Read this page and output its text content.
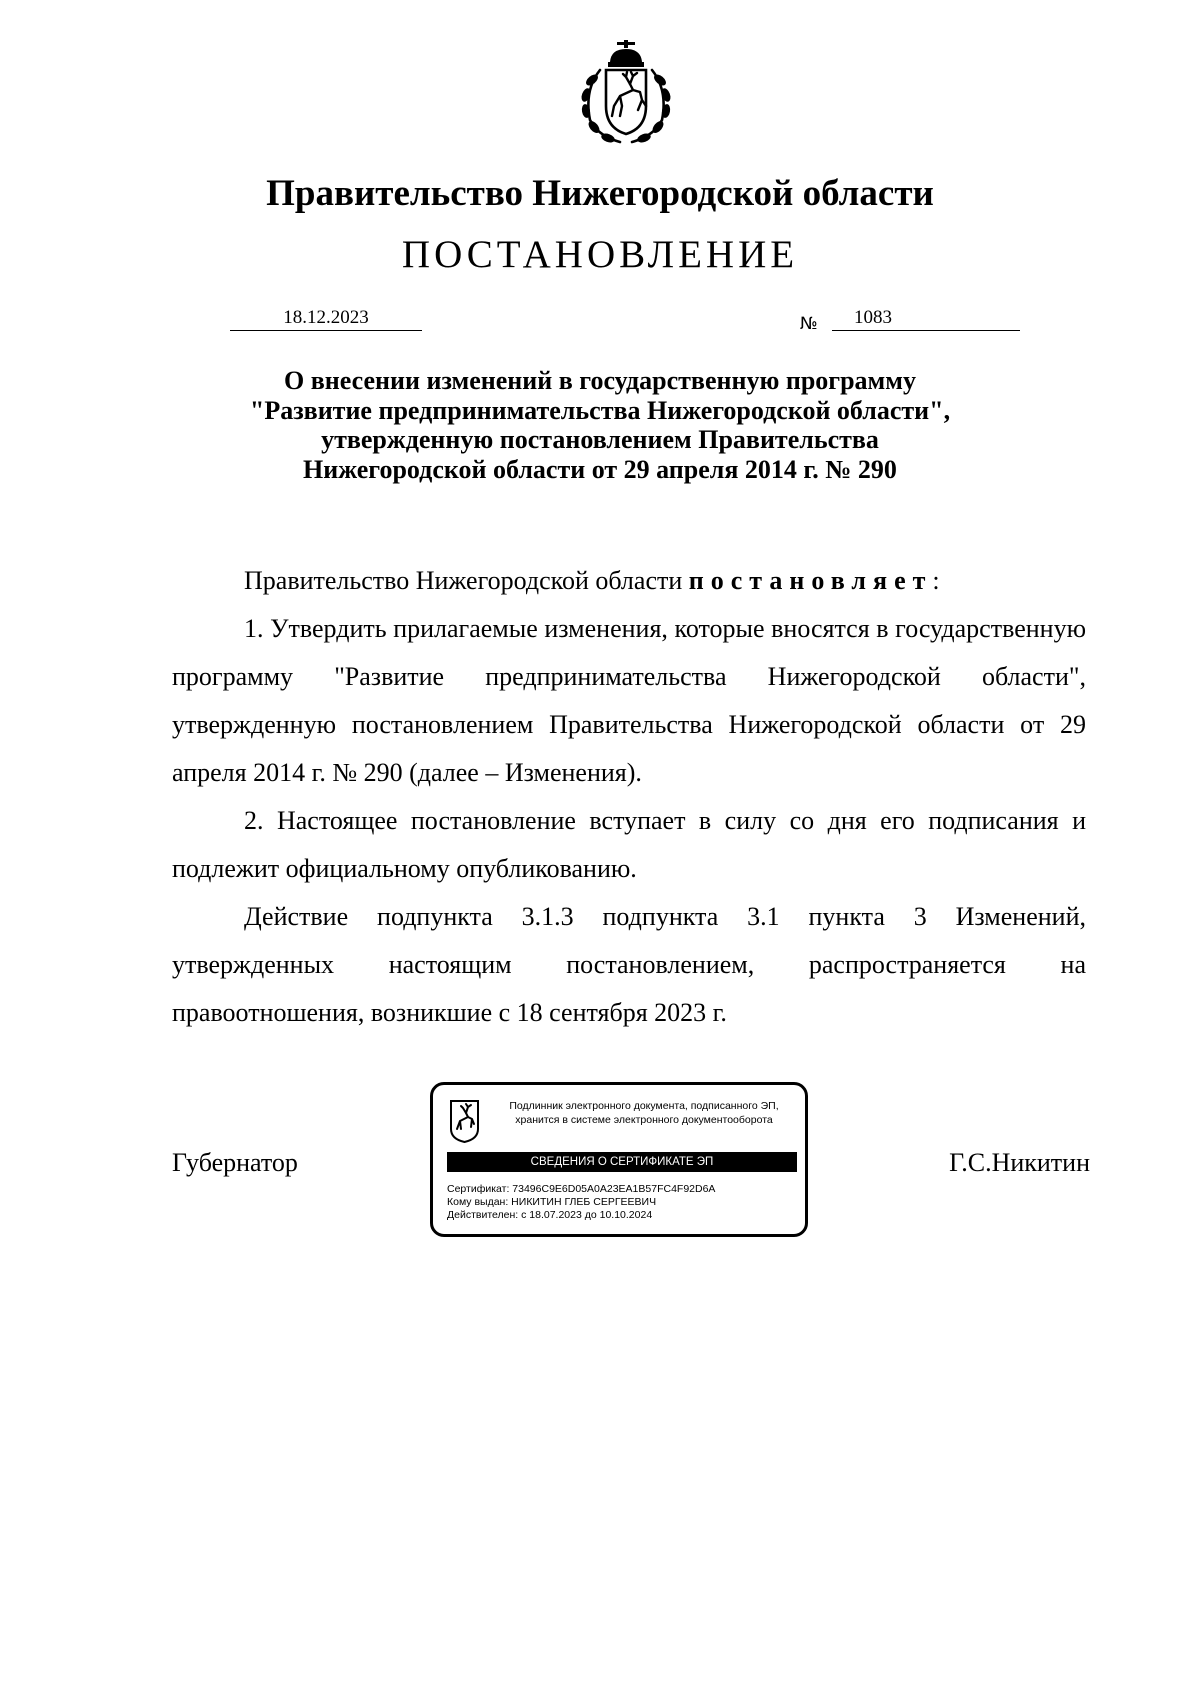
Правительство Нижегородской области
ПОСТАНОВЛЕНИЕ
18.12.2023	№	1083
О внесении изменений в государственную программу
"Развитие предпринимательства Нижегородской области",
утвержденную постановлением Правительства
Нижегородской области от 29 апреля 2014 г. № 290

Правительство Нижегородской области постановляет:

1. Утвердить прилагаемые изменения, которые вносятся в государственную программу "Развитие предпринимательства Нижегородской области", утвержденную постановлением Правительства Нижегородской области от 29 апреля 2014 г. № 290 (далее – Изменения).

2. Настоящее постановление вступает в силу со дня его подписания и подлежит официальному опубликованию.

Действие подпункта 3.1.3 подпункта 3.1 пункта 3 Изменений, утвержденных настоящим постановлением, распространяется на правоотношения, возникшие с 18 сентября 2023 г.

Губернатор	Г.С.Никитин
Подлинник электронного документа, подписанного ЭП,
хранится в системе электронного документооборота
СВЕДЕНИЯ О СЕРТИФИКАТЕ ЭП
Сертификат: 73496C9E6D05A0A23EA1B57FC4F92D6A
Кому выдан: НИКИТИН ГЛЕБ СЕРГЕЕВИЧ
Действителен: с 18.07.2023 до 10.10.2024
